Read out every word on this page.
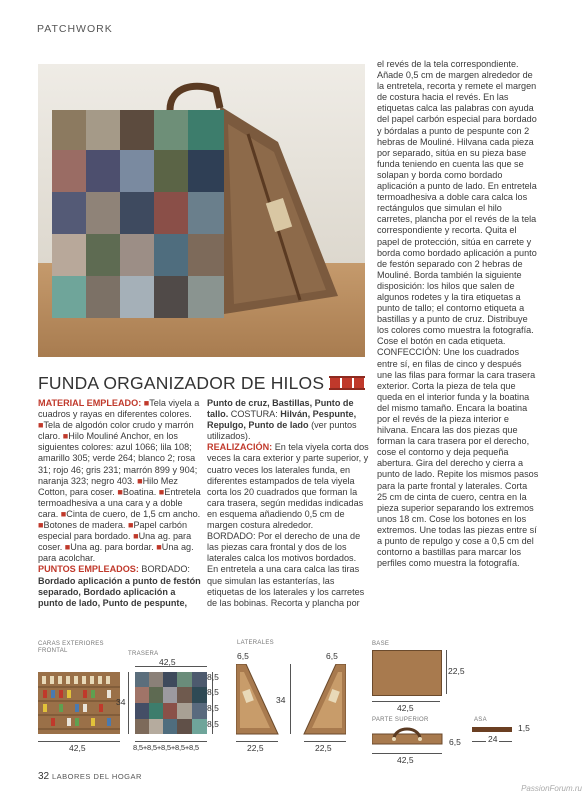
PATCHWORK
FUNDA ORGANIZADOR DE HILOS

MATERIAL EMPLEADO: ■Tela viyela a cuadros y rayas en diferentes colores. ■Tela de algodón color crudo y marrón claro. ■Hilo Mouliné Anchor, en los siguientes colores: azul 1066; lila 108; amarillo 305; verde 264; blanco 2; rosa 31; rojo 46; gris 231; marrón 899 y 904; naranja 323; negro 403. ■Hilo Mez Cotton, para coser. ■Boatina. ■Entretela termoadhesiva a una cara y a doble cara. ■Cinta de cuero, de 1,5 cm ancho. ■Botones de madera. ■Papel carbón especial para bordado. ■Una ag. para coser. ■Una ag. para bordar. ■Una ag. para acolchar.

PUNTOS EMPLEADOS: BORDADO: Bordado aplicación a punto de festón separado, Bordado aplicación a punto de lado, Punto de pespunte,

Punto de cruz, Bastillas, Punto de tallo. COSTURA: Hilván, Pespunte, Repulgo, Punto de lado (ver puntos utilizados).

REALIZACIÓN: En tela viyela corta dos veces la cara exterior y parte superior, y cuatro veces los laterales funda, en diferentes estampados de tela viyela corta los 20 cuadrados que forman la cara trasera, según medidas indicadas en esquema añadiendo 0,5 cm de margen costura alrededor.

BORDADO: Por el derecho de una de las piezas cara frontal y dos de los laterales calca los motivos bordados. En entretela a una cara calca las tiras que simulan las estanterías, las etiquetas de los laterales y los carretes de las bobinas. Recorta y plancha por

el revés de la tela correspondiente. Añade 0,5 cm de margen alrededor de la entretela, recorta y remete el margen de costura hacia el revés. En las etiquetas calca las palabras con ayuda del papel carbón especial para bordado y bórdalas a punto de pespunte con 2 hebras de Mouliné. Hilvana cada pieza por separado, sitúa en su pieza base funda teniendo en cuenta las que se solapan y borda como bordado aplicación a punto de lado. En entretela termoadhesiva a doble cara calca los rectángulos que simulan el hilo carretes, plancha por el revés de la tela correspondiente y recorta. Quita el papel de protección, sitúa en carrete y borda como bordado aplicación a punto de festón separado con 2 hebras de Mouliné. Borda también la siguiente disposición: los hilos que salen de algunos rodetes y la tira etiquetas a punto de tallo; el contorno etiqueta a bastillas y a punto de cruz. Distribuye los colores como muestra la fotografía. Cose el botón en cada etiqueta.

CONFECCIÓN: Une los cuadrados entre sí, en filas de cinco y después une las filas para formar la cara trasera exterior. Corta la pieza de tela que queda en el interior funda y la boatina del mismo tamaño. Encara la boatina por el revés de la pieza interior e hilvana. Encara las dos piezas que forman la cara trasera por el derecho, cose el contorno y deja pequeña abertura. Gira del derecho y cierra a punto de lado. Repite los mismos pasos para la parte frontal y laterales. Corta 25 cm de cinta de cuero, centra en la pieza superior separando los extremos unos 18 cm. Cose los botones en los extremos. Une todas las piezas entre sí a punto de repulgo y cose a 0,5 cm del contorno a bastillas para marcar los perfiles como muestra la fotografía.

CARAS EXTERIORES FRONTAL
34
42,5
TRASERA
42,5
8,5
8,5
8,5
8,5
8,5+8,5+8,5+8,5+8,5
LATERALES
6,5	6,5
34
22,5	22,5
BASE
22,5
42,5
PARTE SUPERIOR
6,5
42,5
ASA
1,5
24
32 LABORES DEL HOGAR
PassionForum.ru
